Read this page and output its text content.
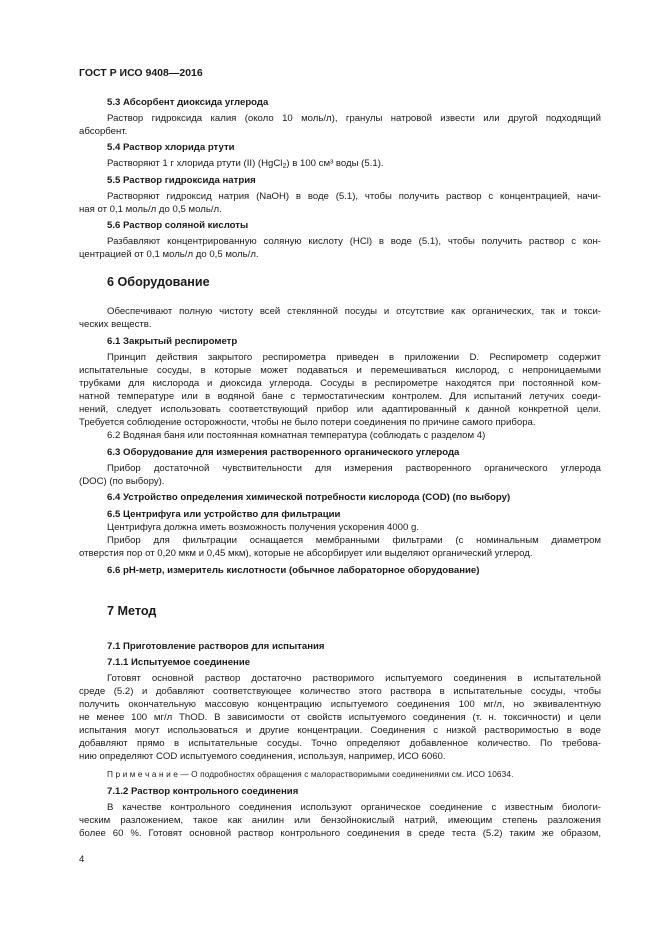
ГОСТ Р ИСО 9408—2016
5.3 Абсорбент диоксида углерода
Раствор гидроксида калия (около 10 моль/л), гранулы натровой извести или другой подходящий
абсорбент.
5.4 Раствор хлорида ртути
Растворяют 1 г хлорида ртути (II) (HgCl$_2$) в 100 см³ воды (5.1).
5.5 Раствор гидроксида натрия
Растворяют гидроксид натрия (NaOH) в воде (5.1), чтобы получить раствор с концентрацией, начи-
ная от 0,1 моль/л до 0,5 моль/л.
5.6 Раствор соляной кислоты
Разбавляют концентрированную соляную кислоту (HCl) в воде (5.1), чтобы получить раствор с кон-
центрацией от 0,1 моль/л до 0,5 моль/л.
6 Оборудование
Обеспечивают полную чистоту всей стеклянной посуды и отсутствие как органических, так и токси-
ческих веществ.
6.1 Закрытый респирометр
Принцип действия закрытого респирометра приведен в приложении D. Респирометр содержит
испытательные сосуды, в которые может подаваться и перемешиваться кислород, с непроницаемыми
трубками для кислорода и диоксида углерода. Сосуды в респирометре находятся при постоянной ком-
натной температуре или в водяной бане с термостатическим контролем. Для испытаний летучих соеди-
нений, следует использовать соответствующий прибор или адаптированный к данной конкретной цели.
Требуется соблюдение осторожности, чтобы не было потери соединения по причине самого прибора.
6.2 Водяная баня или постоянная комнатная температура (соблюдать с разделом 4)
6.3 Оборудование для измерения растворенного органического углерода
Прибор достаточной чувствительности для измерения растворенного органического углерода
(DOC) (по выбору).
6.4 Устройство определения химической потребности кислорода (COD) (по выбору)
6.5 Центрифуга или устройство для фильтрации
Центрифуга должна иметь возможность получения ускорения 4000 g.
Прибор для фильтрации оснащается мембранными фильтрами (с номинальным диаметром
отверстия пор от 0,20 мкм и 0,45 мкм), которые не абсорбирует или выделяют органический углерод.
6.6 pH-метр, измеритель кислотности (обычное лабораторное оборудование)
7 Метод
7.1 Приготовление растворов для испытания
7.1.1 Испытуемое соединение
Готовят основной раствор достаточно растворимого испытуемого соединения в испытательной
среде (5.2) и добавляют соответствующее количество этого раствора в испытательные сосуды, чтобы
получить окончательную массовую концентрацию испытуемого соединения 100 мг/л, но эквивалентную
не менее 100 мг/л ThOD. В зависимости от свойств испытуемого соединения (т. н. токсичности) и цели
испытания могут использоваться и другие концентрации. Соединения с низкой растворимостью в воде
добавляют прямо в испытательные сосуды. Точно определяют добавленное количество. По требова-
нию определяют COD испытуемого соединения, используя, например, ИСО 6060.
П р и м е ч а н и е — О подробностях обращения с малорастворимыми соединениями см. ИСО 10634.
7.1.2 Раствор контрольного соединения
В качестве контрольного соединения используют органическое соединение с известным биологи-
ческим разложением, такое как анилин или бензойнокислый натрий, имеющим степень разложения
более 60 %. Готовят основной раствор контрольного соединения в среде теста (5.2) таким же образом,
4
